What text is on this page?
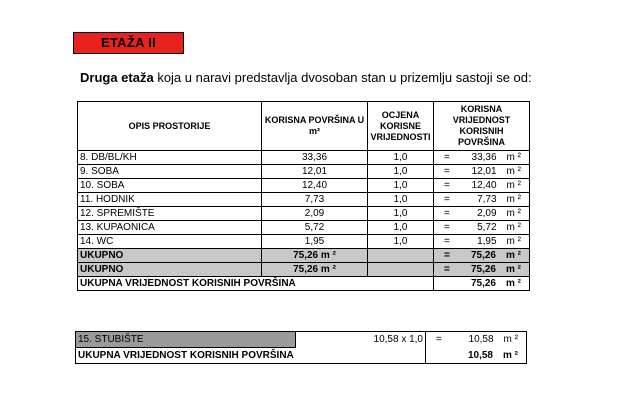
ETAŽA II
Druga etaža koja u naravi predstavlja dvosoban stan u prizemlju sastoji se od:
OPIS PROSTORIJE	KORISNA POVRŠINA U m²	OCJENA KORISNE VRIJEDNOSTI	KORISNA VRIJEDNOST KORISNIH POVRŠINA
8. DB/BL/KH	33,36	1,0	= 33,36 m ²

9. SOBA	12,01	1,0	= 12,01 m ²

10. SOBA	12,40	1,0	= 12,40 m ²

11. HODNIK	7,73	1,0	= 7,73 m ²

12. SPREMIŠTE	2,09	1,0	= 2,09 m ²

13. KUPAONICA	5,72	1,0	= 5,72 m ²

14. WC	1,95	1,0	= 1,95 m ²

UKUPNO	75,26 m ²		= 75,26 m ²

UKUPNO	75,26 m ²		= 75,26 m ²

UKUPNA VRIJEDNOST KORISNIH POVRŠINA			75,26 m ²
15. STUBIŠTE	10,58 x 1,0	= 10,58 m ²

UKUPNA VRIJEDNOST KORISNIH POVRŠINA		10,58 m ²
